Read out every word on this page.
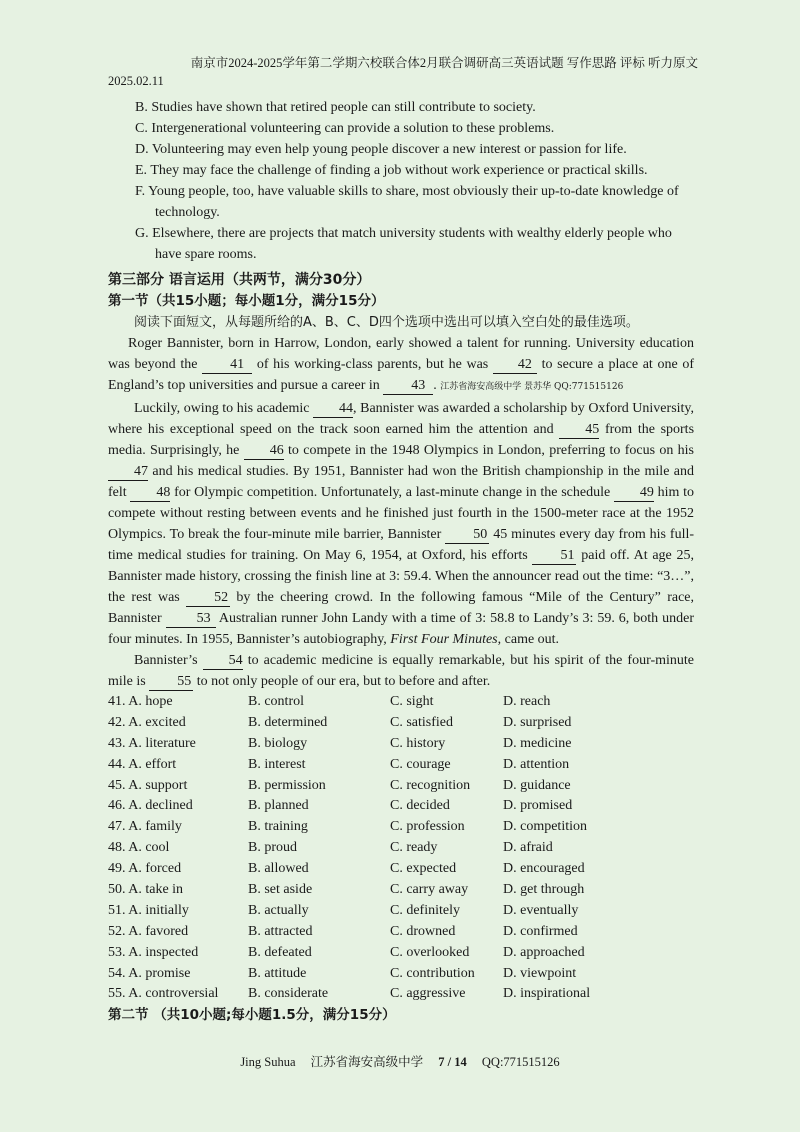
南京市2024-2025学年第二学期六校联合体2月联合调研高三英语试题 写作思路 评标 听力原文
2025.02.11

B. Studies have shown that retired people can still contribute to society.

C. Intergenerational volunteering can provide a solution to these problems.

D. Volunteering may even help young people discover a new interest or passion for life.

E. They may face the challenge of finding a job without work experience or practical skills.

F. Young people, too, have valuable skills to share, most obviously their up-to-date knowledge of
technology.

G. Elsewhere, there are projects that match university students with wealthy elderly people who
have spare rooms.

第三部分 语言运用（共两节，满分30分）
第一节（共15小题；每小题1分，满分15分）
阅读下面短文，从每题所给的A、B、C、D四个选项中选出可以填入空白处的最佳选项。

Roger Bannister, born in Harrow, London, early showed a talent for running. University education was beyond the 41 of his working-class parents, but he was 42 to secure a place at one of England’s top universities and pursue a career in 43 . 江苏省海安高级中学 景苏华 QQ:771515126

Luckily, owing to his academic 44, Bannister was awarded a scholarship by Oxford University, where his exceptional speed on the track soon earned him the attention and 45 from the sports media. Surprisingly, he 46 to compete in the 1948 Olympics in London, preferring to focus on his 47 and his medical studies. By 1951, Bannister had won the British championship in the mile and felt 48 for Olympic competition. Unfortunately, a last-minute change in the schedule 49 him to compete without resting between events and he finished just fourth in the 1500-meter race at the 1952 Olympics. To break the four-minute mile barrier, Bannister 50 45 minutes every day from his full-time medical studies for training. On May 6, 1954, at Oxford, his efforts 51 paid off. At age 25, Bannister made history, crossing the finish line at 3: 59.4. When the announcer read out the time: “3…”, the rest was 52 by the cheering crowd. In the following famous “Mile of the Century” race, Bannister 53 Australian runner John Landy with a time of 3: 58.8 to Landy’s 3: 59. 6, both under four minutes. In 1955, Bannister’s autobiography, First Four Minutes, came out.

Bannister’s 54 to academic medicine is equally remarkable, but his spirit of the four-minute mile is 55 to not only people of our era, but to before and after.

41. A. hope	B. control	C. sight	D. reach
42. A. excited	B. determined	C. satisfied	D. surprised
43. A. literature	B. biology	C. history	D. medicine
44. A. effort	B. interest	C. courage	D. attention
45. A. support	B. permission	C. recognition	D. guidance
46. A. declined	B. planned	C. decided	D. promised
47. A. family	B. training	C. profession	D. competition
48. A. cool	B. proud	C. ready	D. afraid
49. A. forced	B. allowed	C. expected	D. encouraged
50. A. take in	B. set aside	C. carry away	D. get through
51. A. initially	B. actually	C. definitely	D. eventually
52. A. favored	B. attracted	C. drowned	D. confirmed
53. A. inspected	B. defeated	C. overlooked	D. approached
54. A. promise	B. attitude	C. contribution	D. viewpoint
55. A. controversial	B. considerate	C. aggressive	D. inspirational
第二节 （共10小题;每小题1.5分，满分15分）
Jing Suhua 江苏省海安高级中学 7 / 14 QQ:771515126
